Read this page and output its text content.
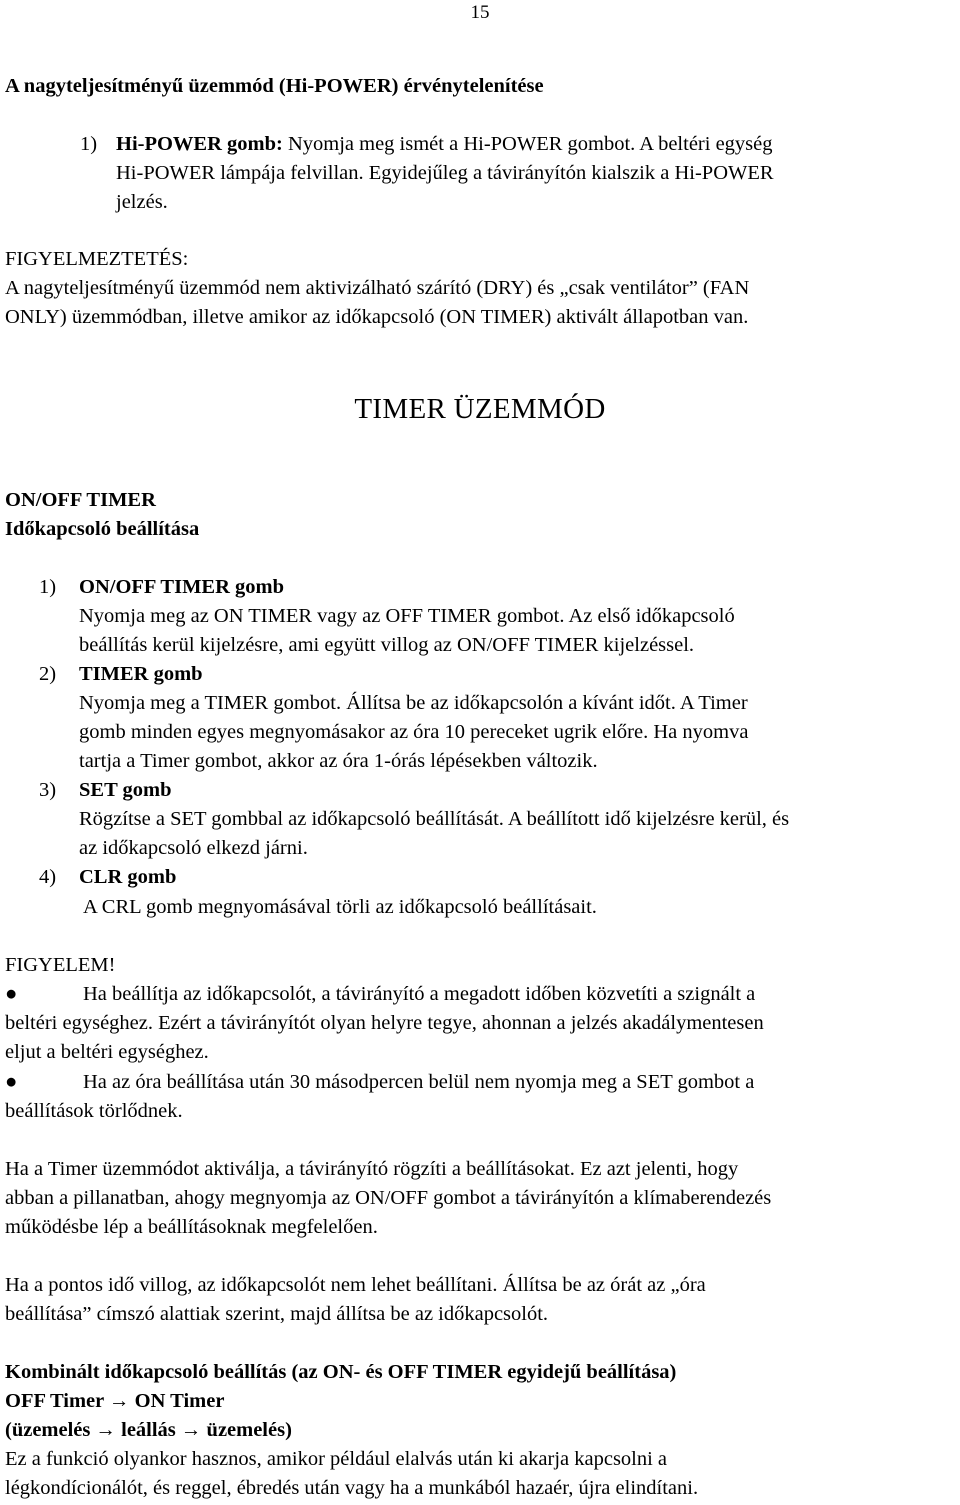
15
A nagyteljesítményű üzemmód (Hi-POWER) érvénytelenítése
1) Hi-POWER gomb: Nyomja meg ismét a Hi-POWER gombot. A beltéri egység
Hi-POWER lámpája felvillan. Egyidejűleg a távirányítón kialszik a Hi-POWER
jelzés.
FIGYELMEZTETÉS:
A nagyteljesítményű üzemmód nem aktivizálható szárító (DRY) és „csak ventilátor” (FAN
ONLY) üzemmódban, illetve amikor az időkapcsoló (ON TIMER) aktivált állapotban van.
TIMER ÜZEMMÓD
ON/OFF TIMER
Időkapcsoló beállítása
1)	ON/OFF TIMER gomb
Nyomja meg az ON TIMER vagy az OFF TIMER gombot. Az első időkapcsoló
beállítás kerül kijelzésre, ami együtt villog az ON/OFF TIMER kijelzéssel.
2)	TIMER gomb
Nyomja meg a TIMER gombot. Állítsa be az időkapcsolón a kívánt időt. A Timer
gomb minden egyes megnyomásakor az óra 10 pereceket ugrik előre. Ha nyomva
tartja a Timer gombot, akkor az óra 1-órás lépésekben változik.
3)	SET gomb
Rögzítse a SET gombbal az időkapcsoló beállítását. A beállított idő kijelzésre kerül, és
az időkapcsoló elkezd járni.
4)	CLR gomb
A CRL gomb megnyomásával törli az időkapcsoló beállításait.
FIGYELEM!
●	Ha beállítja az időkapcsolót, a távirányító a megadott időben közvetíti a szignált a
beltéri egységhez. Ezért a távirányítót olyan helyre tegye, ahonnan a jelzés akadálymentesen
eljut a beltéri egységhez.
●	Ha az óra beállítása után 30 másodpercen belül nem nyomja meg a SET gombot a
beállítások törlődnek.
Ha a Timer üzemmódot aktiválja, a távirányító rögzíti a beállításokat. Ez azt jelenti, hogy
abban a pillanatban, ahogy megnyomja az ON/OFF gombot a távirányítón a klímaberendezés
működésbe lép a beállításoknak megfelelően.
Ha a pontos idő villog, az időkapcsolót nem lehet beállítani. Állítsa be az órát az „óra
beállítása” címszó alattiak szerint, majd állítsa be az időkapcsolót.
Kombinált időkapcsoló beállítás (az ON- és OFF TIMER egyidejű beállítása)
OFF Timer → ON Timer
(üzemelés → leállás → üzemelés)
Ez a funkció olyankor hasznos, amikor például elalvás után ki akarja kapcsolni a
légkondícionálót, és reggel, ébredés után vagy ha a munkából hazaér, újra elindítani.
